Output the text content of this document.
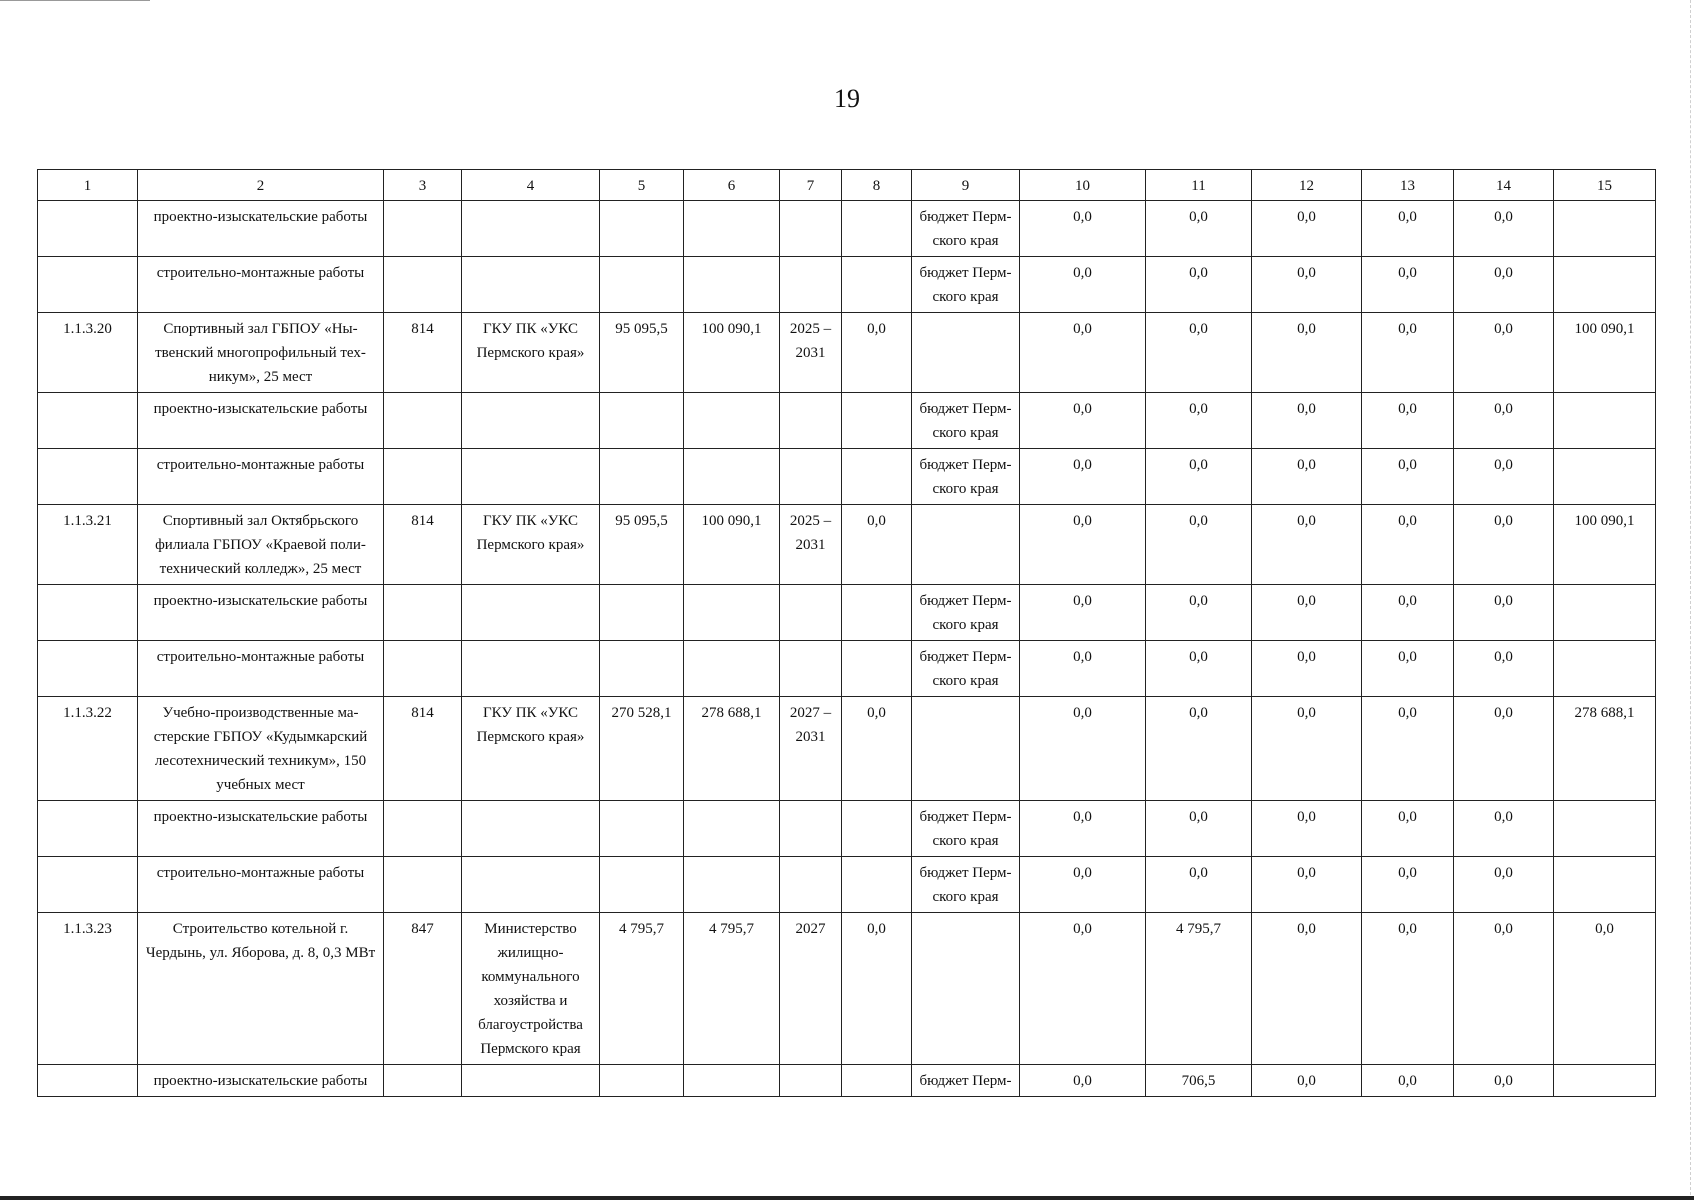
19
1	2	3	4	5	6	7	8	9	10	11	12	13	14	15
	проектно-изыскательские работы							бюджет Перм-ского края	0,0	0,0	0,0	0,0	0,0	
	строительно-монтажные работы							бюджет Перм-ского края	0,0	0,0	0,0	0,0	0,0	
1.1.3.20	Спортивный зал ГБПОУ «Ны-твенский многопрофильный тех-никум», 25 мест	814	ГКУ ПК «УКС Пермского края»	95 095,5	100 090,1	2025 – 2031	0,0		0,0	0,0	0,0	0,0	0,0	100 090,1
	проектно-изыскательские работы							бюджет Перм-ского края	0,0	0,0	0,0	0,0	0,0	
	строительно-монтажные работы							бюджет Перм-ского края	0,0	0,0	0,0	0,0	0,0	
1.1.3.21	Спортивный зал Октябрьского филиала ГБПОУ «Краевой поли-технический колледж», 25 мест	814	ГКУ ПК «УКС Пермского края»	95 095,5	100 090,1	2025 – 2031	0,0		0,0	0,0	0,0	0,0	0,0	100 090,1
	проектно-изыскательские работы							бюджет Перм-ского края	0,0	0,0	0,0	0,0	0,0	
	строительно-монтажные работы							бюджет Перм-ского края	0,0	0,0	0,0	0,0	0,0	
1.1.3.22	Учебно-производственные ма-стерские ГБПОУ «Кудымкарский лесотехнический техникум», 150 учебных мест	814	ГКУ ПК «УКС Пермского края»	270 528,1	278 688,1	2027 – 2031	0,0		0,0	0,0	0,0	0,0	0,0	278 688,1
	проектно-изыскательские работы							бюджет Перм-ского края	0,0	0,0	0,0	0,0	0,0	
	строительно-монтажные работы							бюджет Перм-ского края	0,0	0,0	0,0	0,0	0,0	
1.1.3.23	Строительство котельной г. Чердынь, ул. Яборова, д. 8, 0,3 МВт	847	Министерство жилищно-коммунального хозяйства и благоустройства Пермского края	4 795,7	4 795,7	2027	0,0		0,0	4 795,7	0,0	0,0	0,0	0,0
	проектно-изыскательские работы							бюджет Перм-	0,0	706,5	0,0	0,0	0,0	
